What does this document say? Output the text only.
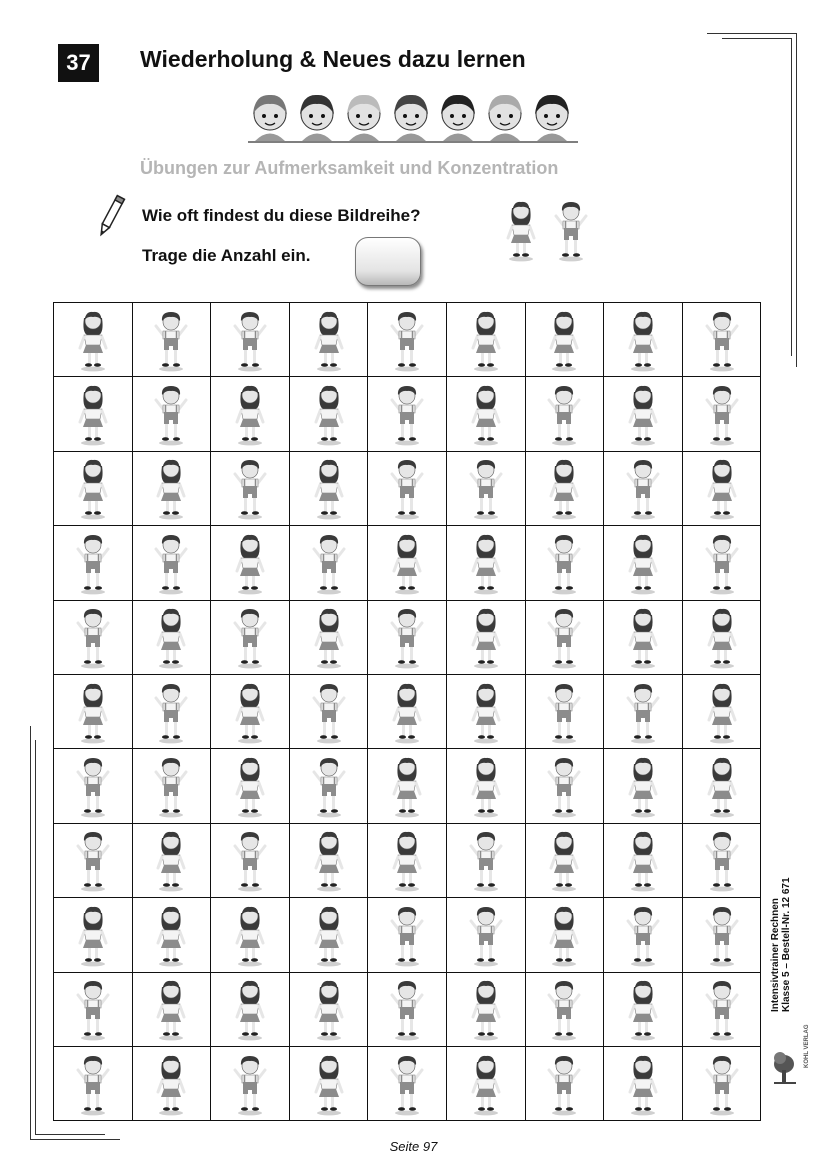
37	Wiederholung & Neues dazu lernen
Übungen zur Aufmerksamkeit und Konzentration
Wie oft findest du diese Bildreihe?
Trage die Anzahl ein.
Intensivtrainer Rechnen Klasse 5 – Bestell-Nr. 12 671
KOHL VERLAG
Seite 97
